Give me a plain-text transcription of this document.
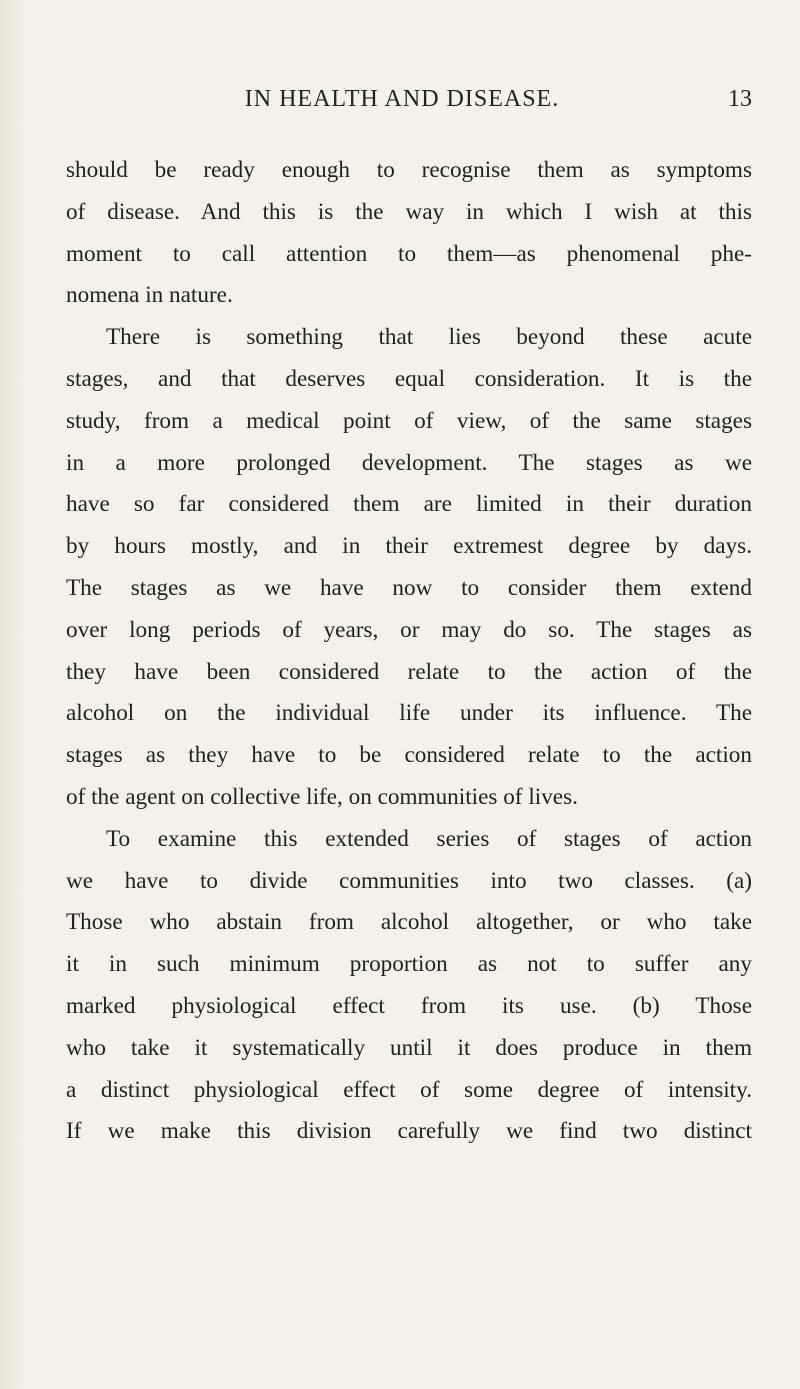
IN HEALTH AND DISEASE.	13
should be ready enough to recognise them as symptoms
of disease. And this is the way in which I wish at this
moment to call attention to them—as phenomenal phe-
nomena in nature.
There is something that lies beyond these acute
stages, and that deserves equal consideration. It is the
study, from a medical point of view, of the same stages
in a more prolonged development. The stages as we
have so far considered them are limited in their duration
by hours mostly, and in their extremest degree by days.
The stages as we have now to consider them extend
over long periods of years, or may do so. The stages as
they have been considered relate to the action of the
alcohol on the individual life under its influence. The
stages as they have to be considered relate to the action
of the agent on collective life, on communities of lives.
To examine this extended series of stages of action
we have to divide communities into two classes. (a)
Those who abstain from alcohol altogether, or who take
it in such minimum proportion as not to suffer any
marked physiological effect from its use. (b) Those
who take it systematically until it does produce in them
a distinct physiological effect of some degree of intensity.
If we make this division carefully we find two distinct
